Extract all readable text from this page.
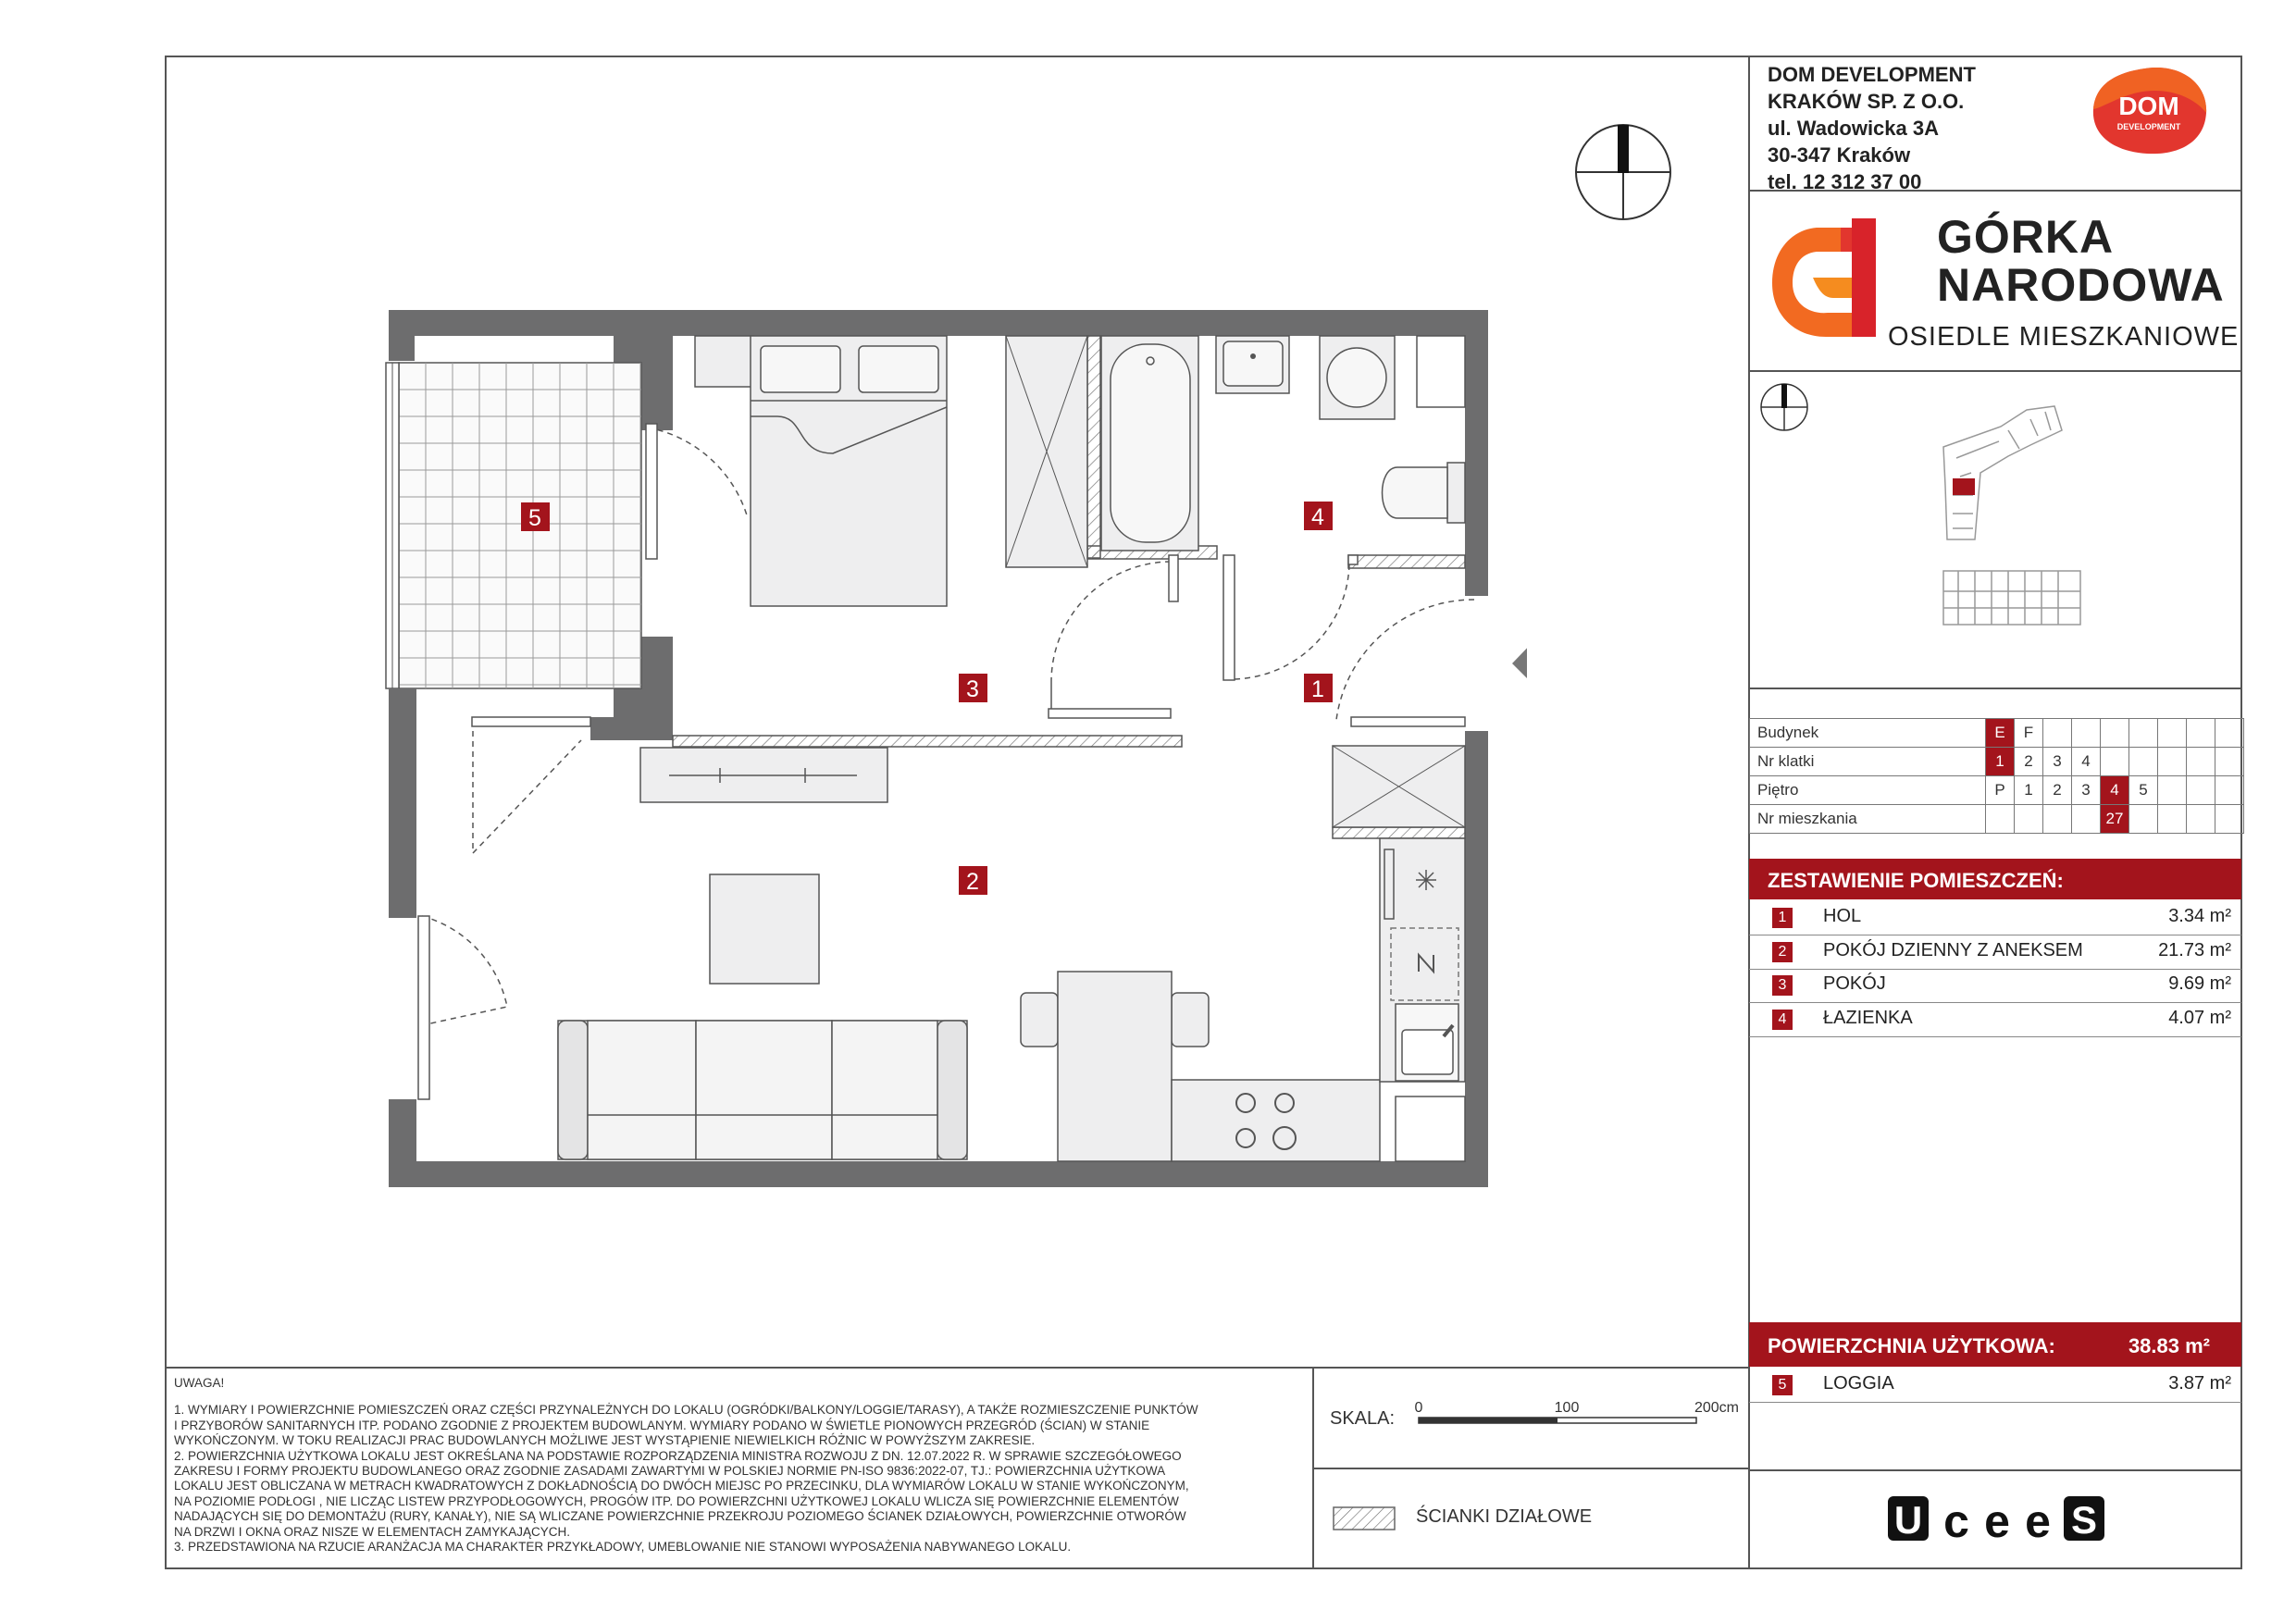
DOM DEVELOPMENT
KRAKÓW SP. Z O.O.
ul. Wadowicka 3A
30-347 Kraków
tel. 12 312 37 00
DOM
DEVELOPMENT
GÓRKA
NARODOWA
OSIEDLE MIESZKANIOWE
Budynek	E	F							
Nr klatki	1	2	3	4					
Piętro	P	1	2	3	4	5			
Nr mieszkania					27				
ZESTAWIENIE POMIESZCZEŃ:
1	HOL	3.34 m²
2	POKÓJ DZIENNY Z ANEKSEM	21.73 m²
3	POKÓJ	9.69 m²
4	ŁAZIENKA	4.07 m²
POWIERZCHNIA UŻYTKOWA:	38.83 m²
5	LOGGIA	3.87 m²
U c e e S
UWAGA!
1. WYMIARY I POWIERZCHNIE POMIESZCZEŃ ORAZ CZĘŚCI PRZYNALEŻNYCH DO LOKALU (OGRÓDKI/BALKONY/LOGGIE/TARASY), A TAKŻE ROZMIESZCZENIE PUNKTÓW
I PRZYBORÓW SANITARNYCH ITP. PODANO ZGODNIE Z PROJEKTEM BUDOWLANYM. WYMIARY PODANO W ŚWIETLE PIONOWYCH PRZEGRÓD (ŚCIAN) W STANIE
WYKOŃCZONYM. W TOKU REALIZACJI PRAC BUDOWLANYCH MOŻLIWE JEST WYSTĄPIENIE NIEWIELKICH RÓŻNIC W POWYŻSZYM ZAKRESIE.
2. POWIERZCHNIA UŻYTKOWA LOKALU JEST OKREŚLANA NA PODSTAWIE ROZPORZĄDZENIA MINISTRA ROZWOJU Z DN. 12.07.2022 R. W SPRAWIE SZCZEGÓŁOWEGO
ZAKRESU I FORMY PROJEKTU BUDOWLANEGO ORAZ ZGODNIE ZASADAMI ZAWARTYMI W POLSKIEJ NORMIE PN-ISO 9836:2022-07, TJ.: POWIERZCHNIA UŻYTKOWA
LOKALU JEST OBLICZANA W METRACH KWADRATOWYCH Z DOKŁADNOŚCIĄ DO DWÓCH MIEJSC PO PRZECINKU, DLA WYMIARÓW LOKALU W STANIE WYKOŃCZONYM,
NA POZIOMIE PODŁOGI , NIE LICZĄC LISTEW PRZYPODŁOGOWYCH, PROGÓW ITP. DO POWIERZCHNI UŻYTKOWEJ LOKALU WLICZA SIĘ POWIERZCHNIE ELEMENTÓW
NADAJĄCYCH SIĘ DO DEMONTAŻU (RURY, KANAŁY), NIE SĄ WLICZANE POWIERZCHNIE PRZEKROJU POZIOMEGO ŚCIANEK DZIAŁOWYCH, POWIERZCHNIE OTWORÓW
NA DRZWI I OKNA ORAZ NISZE W ELEMENTACH ZAMYKAJĄCYCH.
3. PRZEDSTAWIONA NA RZUCIE ARANŻACJA MA CHARAKTER PRZYKŁADOWY, UMEBLOWANIE NIE STANOWI WYPOSAŻENIA NABYWANEGO LOKALU.
SKALA:
0	100	200cm
ŚCIANKI DZIAŁOWE
5
3	1
4
2
